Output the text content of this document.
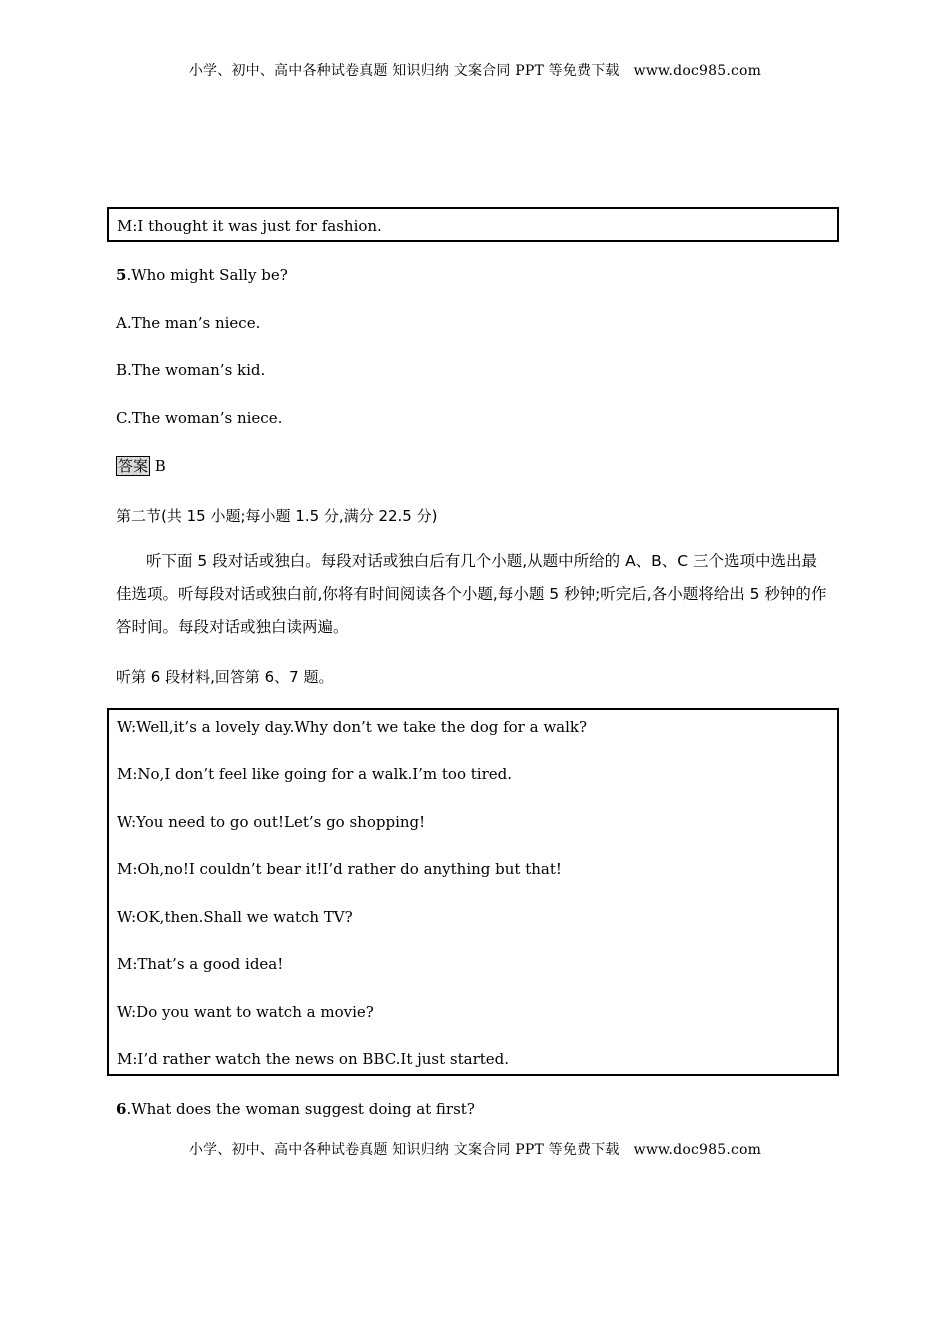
小学、初中、高中各种试卷真题 知识归纳 文案合同 PPT 等免费下载 www.doc985.com
M:I thought it was just for fashion.
5.Who might Sally be?
A.The man’s niece.
B.The woman’s kid.
C.The woman’s niece.
答案 B
第二节(共 15 小题;每小题 1.5 分,满分 22.5 分)
听下面 5 段对话或独白。每段对话或独白后有几个小题,从题中所给的 A、B、C 三个选项中选出最佳选项。听每段对话或独白前,你将有时间阅读各个小题,每小题 5 秒钟;听完后,各小题将给出 5 秒钟的作答时间。每段对话或独白读两遍。
听第 6 段材料,回答第 6、7 题。
W:Well,it’s a lovely day.Why don’t we take the dog for a walk?
M:No,I don’t feel like going for a walk.I’m too tired.
W:You need to go out!Let’s go shopping!
M:Oh,no!I couldn’t bear it!I’d rather do anything but that!
W:OK,then.Shall we watch TV?
M:That’s a good idea!
W:Do you want to watch a movie?
M:I’d rather watch the news on BBC.It just started.
6.What does the woman suggest doing at first?
小学、初中、高中各种试卷真题 知识归纳 文案合同 PPT 等免费下载 www.doc985.com
